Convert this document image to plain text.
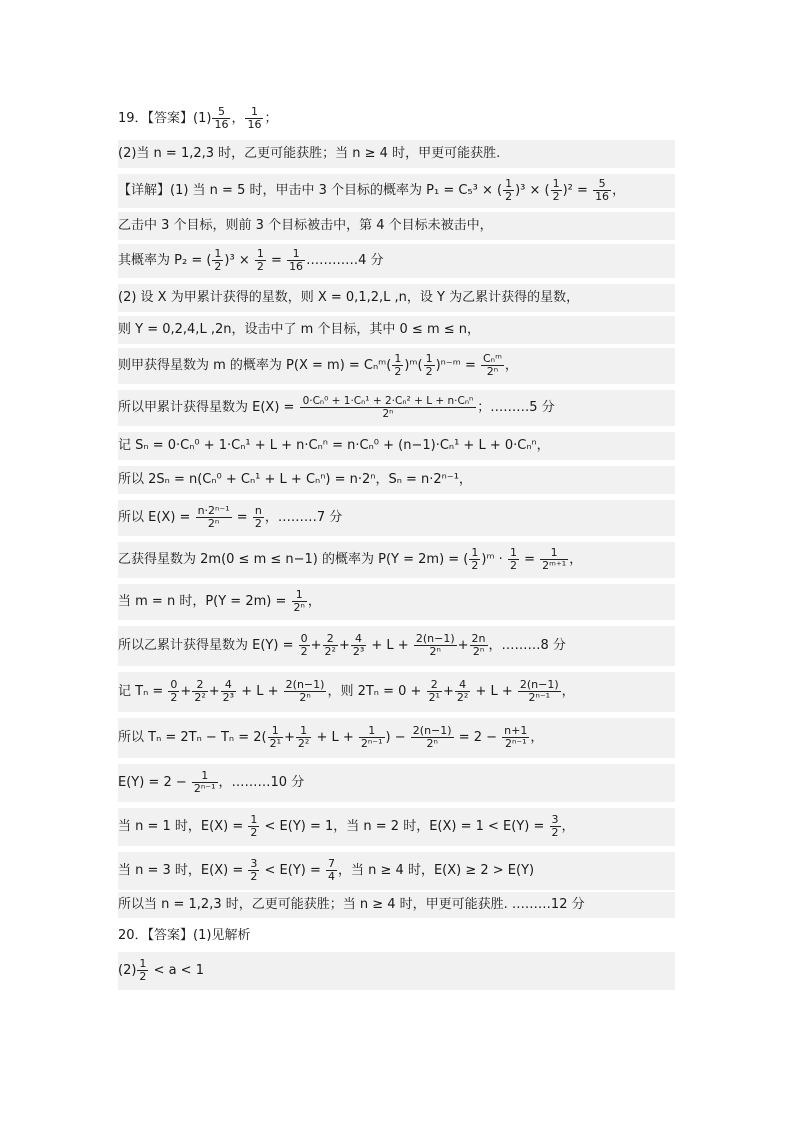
19．【答案】$(1) \frac{5}{16}$ ， $\frac{1}{16}$ ；
(2)当 n = 1,2,3 时，乙更可能获胜；当 n ≥ 4 时，甲更可能获胜.
【详解】(1) 当 n = 5 时，甲击中 3 个目标的概率为 P₁ = C₅³ × ( $\frac{1}{2} )^3$ × ( $\frac{1}{2} )^2 = \frac{5}{16}$ ，
乙击中 3 个目标，则前 3 个目标被击中，第 4 个目标未被击中，
其概率为 P₂ = ( $\frac{1}{2} )^3 \times \frac{1}{2} = \frac{1}{16}$ …………4 分
(2) 设 X 为甲累计获得的星数，则 X = 0,1,2,L ,n，设 Y 为乙累计获得的星数，
则 Y = 0,2,4,L ,2n，设击中了 m 个目标，其中 0 ≤ m ≤ n，
则甲获得星数为 m 的概率为 P(X = m) = Cₙᵐ( $\frac{1}{2}$ )ᵐ( $\frac{1}{2}$ )ⁿ⁻ᵐ = $\frac{\text{Cₙᵐ}}{\text{2ⁿ}}$ ，
所以甲累计获得星数为 $E(X) = \frac{\text{0·Cₙ⁰ + 1·Cₙ¹ + 2·Cₙ² + L + n·Cₙⁿ}}{\text{2ⁿ}}$ ；………5 分
记 Sₙ = 0·Cₙ⁰ + 1·Cₙ¹ + L + n·Cₙⁿ = n·Cₙ⁰ + (n−1)·Cₙ¹ + L + 0·Cₙⁿ，
所以 2Sₙ = n(Cₙ⁰ + Cₙ¹ + L + Cₙⁿ) = n·2ⁿ，Sₙ = n·2ⁿ⁻¹，
所以 $E(X) = \frac{\text{n·2ⁿ⁻¹}}{\text{2ⁿ}} = \frac{n}{2}$ ，………7 分
乙获得星数为 2m(0 ≤ m ≤ n−1) 的概率为 P(Y = 2m) = ( $\frac{1}{2}$ )ᵐ · $\frac{1}{2} = \frac{1}{\text{2ᵐ⁺¹}}$ ，
当 m = n 时，$P(Y = 2m) = \frac{1}{\text{2ⁿ}}$ ，
所以乙累计获得星数为 $E(Y) = \frac{0}{2} + \frac{2}{\text{2²}} + \frac{4}{\text{2³}} + L + \frac{2(n-1)}{\text{2ⁿ}} + \frac{2n}{\text{2ⁿ}}$ ，………8 分
记 $T_n = \frac{0}{2} + \frac{2}{\text{2²}} + \frac{4}{\text{2³}} + L + \frac{2(n-1)}{\text{2ⁿ}}$ ，则 $2T_n = 0 + \frac{2}{\text{2¹}} + \frac{4}{\text{2²}} + L + \frac{2(n-1)}{\text{2ⁿ⁻¹}}$ ，
所以 $T_n = 2T_n - T_n = 2( \frac{1}{\text{2¹}} + \frac{1}{\text{2²}} + L + \frac{1}{\text{2ⁿ⁻¹}}$ ) − $\frac{2(n-1)}{\text{2ⁿ}} = 2 - \frac{n+1}{\text{2ⁿ⁻¹}}$ ，
$E(Y) = 2 - \frac{1}{\text{2ⁿ⁻¹}}$ ，………10 分
当 n = 1 时，$E(X) = \frac{1}{2} < E(Y) = 1$，当 n = 2 时，$E(X) = 1 < E(Y) = \frac{3}{2}$ ，
当 n = 3 时，$E(X) = \frac{3}{2} < E(Y) = \frac{7}{4}$ ，当 n ≥ 4 时，E(X) ≥ 2 > E(Y)
所以当 n = 1,2,3 时，乙更可能获胜；当 n ≥ 4 时，甲更可能获胜. ………12 分
20．【答案】(1)见解析
$(2) \frac{1}{2} < a < 1$
